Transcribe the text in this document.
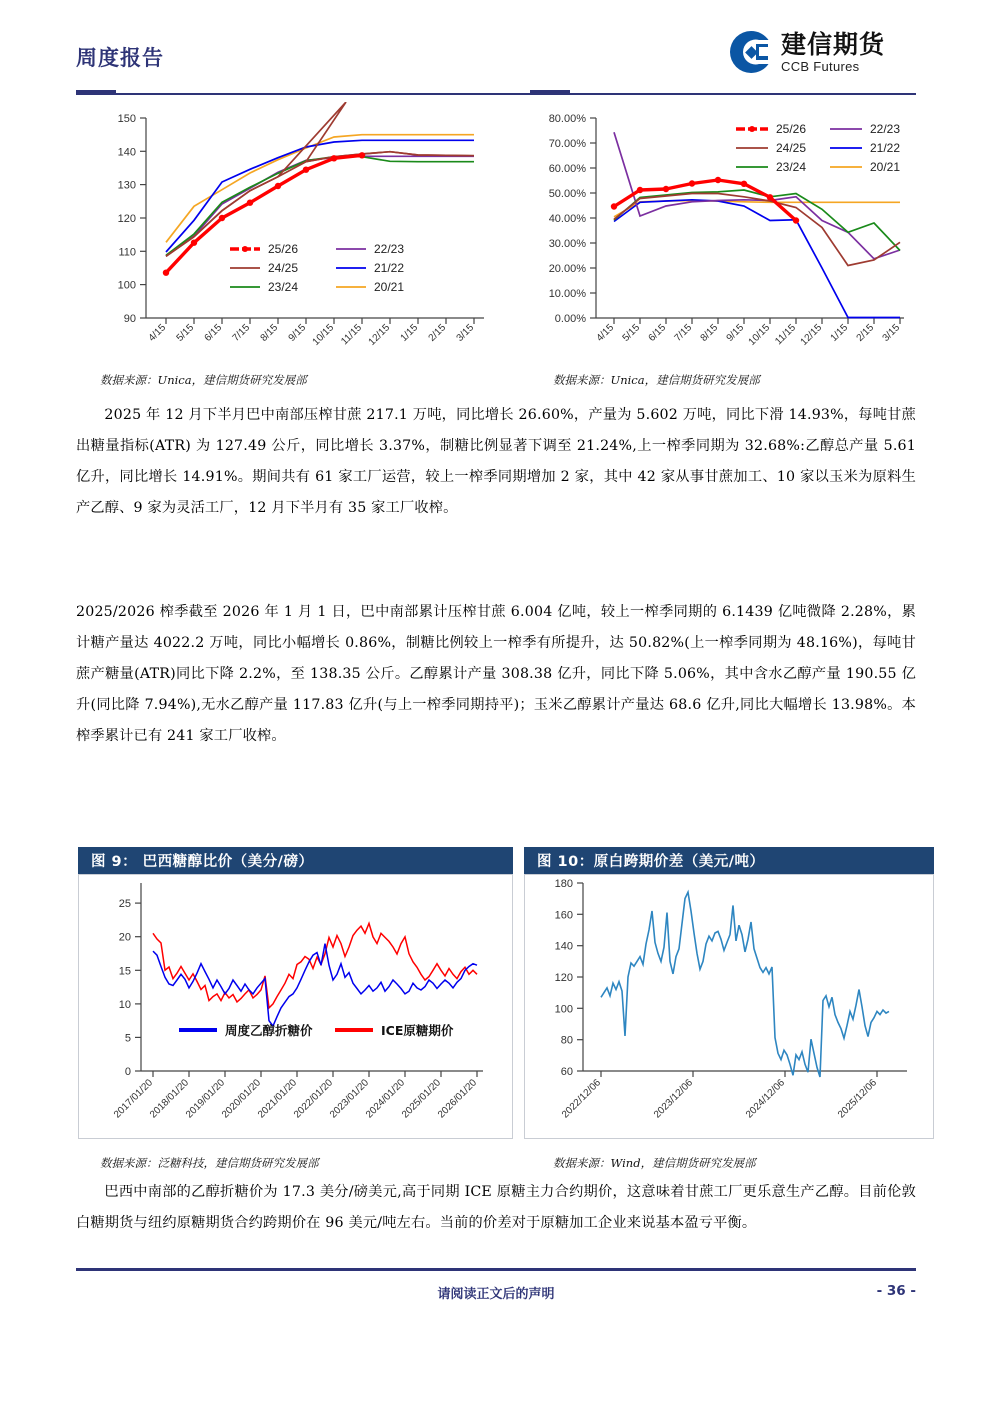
周度报告	建信期货
CCB Futures
150
140
130
120
110
100
90
4/15 5/15 6/15 7/15 8/15 9/15 10/15 11/15 12/15 1/15 2/15 3/15
25/26
24/25
23/24
22/23
21/22
20/21
80.00%
70.00%
60.00%
50.00%
40.00%
30.00%
20.00%
10.00%
0.00%
4/15 5/15 6/15 7/15 8/15 9/15 10/15 11/15 12/15 1/15 2/15 3/15
25/26
24/25
23/24
22/23
21/22
20/21
数据来源：Unica，建信期货研究发展部	数据来源：Unica，建信期货研究发展部
2025 年 12 月下半月巴中南部压榨甘蔗 217.1 万吨，同比增长 26.60%，产量为 5.602 万吨，同比下滑 14.93%，每吨甘蔗出糖量指标(ATR) 为 127.49 公斤，同比增长 3.37%，制糖比例显著下调至 21.24%,上一榨季同期为 32.68%:乙醇总产量 5.61 亿升，同比增长 14.91%。期间共有 61 家工厂运营，较上一榨季同期增加 2 家，其中 42 家从事甘蔗加工、10 家以玉米为原料生产乙醇、9 家为灵活工厂，12 月下半月有 35 家工厂收榨。
2025/2026 榨季截至 2026 年 1 月 1 日，巴中南部累计压榨甘蔗 6.004 亿吨，较上一榨季同期的 6.1439 亿吨微降 2.28%，累计糖产量达 4022.2 万吨，同比小幅增长 0.86%，制糖比例较上一榨季有所提升，达 50.82%(上一榨季同期为 48.16%)，每吨甘蔗产糖量(ATR)同比下降 2.2%，至 138.35 公斤。乙醇累计产量 308.38 亿升，同比下降 5.06%，其中含水乙醇产量 190.55 亿升(同比降 7.94%),无水乙醇产量 117.83 亿升(与上一榨季同期持平)；玉米乙醇累计产量达 68.6 亿升,同比大幅增长 13.98%。本榨季累计已有 241 家工厂收榨。
图 9： 巴西糖醇比价（美分/磅）
25
20
15
10
5
0
2017/01/20
2018/01/20
2019/01/20
2020/01/20
2021/01/20
2022/01/20
2023/01/20
2024/01/20
2025/01/20
2026/01/20
周度乙醇折糖价	ICE原糖期价
图 10：原白跨期价差（美元/吨）
180
160
140
120
100
80
60
2022/12/06	2023/12/06	2024/12/06	2025/12/06
数据来源：泛糖科技，建信期货研究发展部	数据来源：Wind，建信期货研究发展部
巴西中南部的乙醇折糖价为 17.3 美分/磅美元,高于同期 ICE 原糖主力合约期价，这意味着甘蔗工厂更乐意生产乙醇。目前伦敦白糖期货与纽约原糖期货合约跨期价在 96 美元/吨左右。当前的价差对于原糖加工企业来说基本盈亏平衡。
请阅读正文后的声明	- 36 -
